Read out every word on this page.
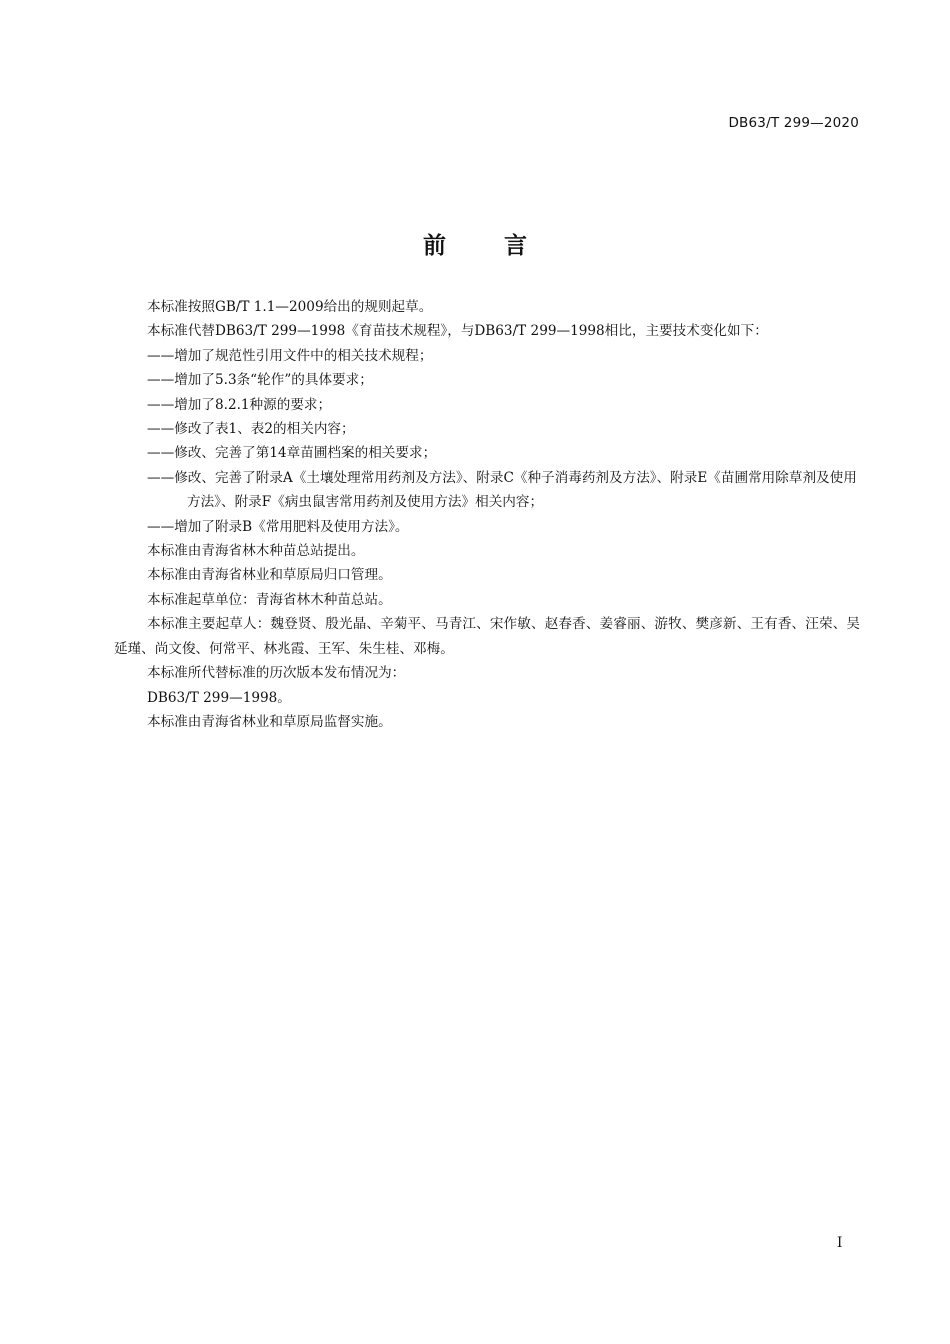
DB63/T 299—2020
前言

本标准按照GB/T 1.1—2009给出的规则起草。

本标准代替DB63/T 299—1998《育苗技术规程》，与DB63/T 299—1998相比，主要技术变化如下：

——增加了规范性引用文件中的相关技术规程；

——增加了5.3条“轮作”的具体要求；

——增加了8.2.1种源的要求；

——修改了表1、表2的相关内容；

——修改、完善了第14章苗圃档案的相关要求；

——修改、完善了附录A《土壤处理常用药剂及方法》、附录C《种子消毒药剂及方法》、附录E《苗圃常用除草剂及使用方法》、附录F《病虫鼠害常用药剂及使用方法》相关内容；

——增加了附录B《常用肥料及使用方法》。

本标准由青海省林木种苗总站提出。

本标准由青海省林业和草原局归口管理。

本标准起草单位：青海省林木种苗总站。

本标准主要起草人：魏登贤、殷光晶、辛菊平、马青江、宋作敏、赵春香、姜睿丽、游牧、樊彦新、王有香、汪荣、吴延瑾、尚文俊、何常平、林兆霞、王军、朱生桂、邓梅。

本标准所代替标准的历次版本发布情况为：

DB63/T 299—1998。

本标准由青海省林业和草原局监督实施。

I
